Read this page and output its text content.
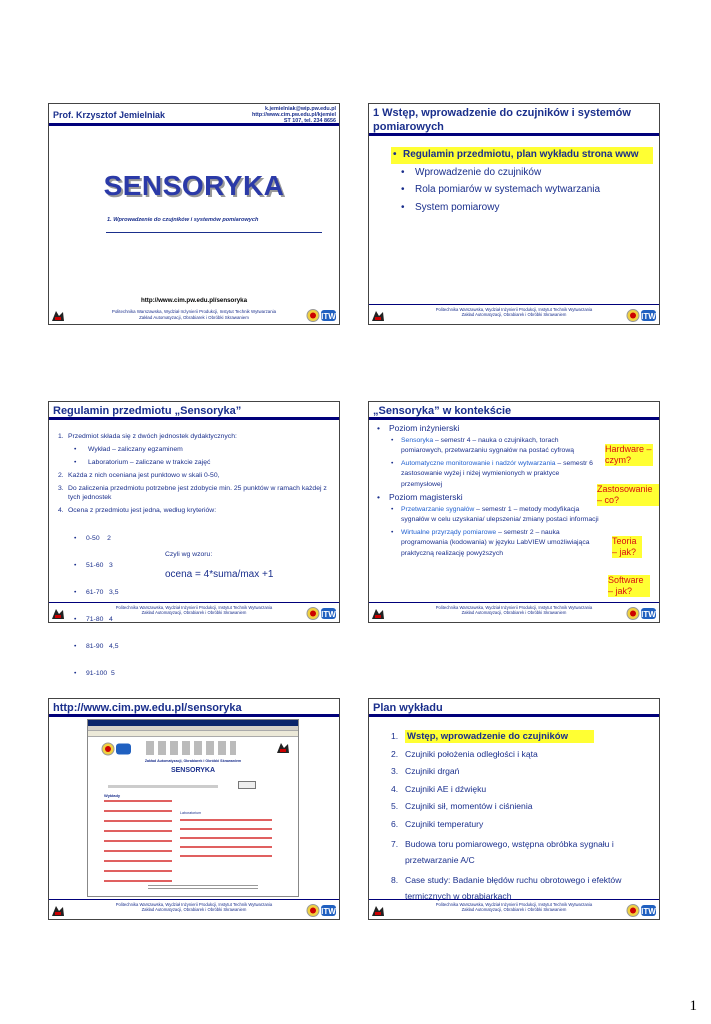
Prof. Krzysztof Jemielniak
k.jemielniak@wip.pw.edu.pl
http://www.cim.pw.edu.pl/kjemiel
ST 107, tel. 234 8656
SENSORYKA
1. Wprowadzenie do czujników i systemów pomiarowych
http://www.cim.pw.edu.pl/sensoryka
Politechnika Warszawska, Wydział Inżynierii Produkcji, Instytut Technik Wytwarzania
Zakład Automatyzacji, Obrabiarek i Obróbki Skrawaniem	ITW
1 Wstęp, wprowadzenie do czujników i systemów pomiarowych
• Regulamin przedmiotu, plan wykładu strona www
• Wprowadzenie do czujników
• Rola pomiarów w systemach wytwarzania
• System pomiarowy
Politechnika Warszawska, Wydział Inżynierii Produkcji, Instytut Technik Wytwarzania
Zakład Automatyzacji, Obrabiarek i Obróbki Skrawaniem	ITW
Regulamin przedmiotu „Sensoryka”
1. Przedmiot składa się z dwóch jednostek dydaktycznych:
• Wykład – zaliczany egzaminem
• Laboratorium – zaliczane w trakcie zajęć
2. Każda z nich oceniana jest punktowo w skali 0-50,
3. Do zaliczenia przedmiotu potrzebne jest zdobycie min. 25 punktów w ramach każdej z tych jednostek
4. Ocena z przedmiotu jest jedna, według kryteriów:

• 0-50    2

• 51-60   3

• 61-70   3,5

• 71-80   4

• 81-90   4,5

• 91-100  5

Czyli wg wzoru:
ocena = 4*suma/max +1
Politechnika Warszawska, Wydział Inżynierii Produkcji, Instytut Technik Wytwarzania
Zakład Automatyzacji, Obrabiarek i Obróbki Skrawaniem	ITW
„Sensoryka” w kontekście
• Poziom inżynierski
• Sensoryka – semestr 4 – nauka o czujnikach, torach pomiarowych, przetwarzaniu sygnałów na postać cyfrową
• Automatyczne monitorowanie i nadzór wytwarzania – semestr 6 zastosowanie wyżej i niżej wymienionych w praktyce przemysłowej
• Poziom magisterski
• Przetwarzanie sygnałów – semestr 1 – metody modyfikacja sygnałów w celu uzyskania/ ulepszenia/ zmiany postaci informacji
• Wirtualne przyrządy pomiarowe – semestr 2 – nauka programowania (kodowania) w języku LabVIEW umożliwiająca praktyczną realizację powyższych
Hardware – czym?
Zastosowanie – co?
Teoria – jak?
Software – jak?
Politechnika Warszawska, Wydział Inżynierii Produkcji, Instytut Technik Wytwarzania
Zakład Automatyzacji, Obrabiarek i Obróbki Skrawaniem	ITW
http://www.cim.pw.edu.pl/sensoryka
Zakład Automatyzacji, Obrabiarek i Obróbki Skrawaniem
SENSORYKA
Wykłady
Laboratorium
Politechnika Warszawska, Wydział Inżynierii Produkcji, Instytut Technik Wytwarzania
Zakład Automatyzacji, Obrabiarek i Obróbki Skrawaniem	ITW
Plan wykładu
1. Wstęp, wprowadzenie do czujników
2. Czujniki położenia odległości i kąta
3. Czujniki drgań
4. Czujniki AE i dźwięku
5. Czujniki sił, momentów i ciśnienia
6. Czujniki temperatury
7. Budowa toru pomiarowego, wstępna obróbka sygnału i przetwarzanie A/C
8. Case study: Badanie błędów ruchu obrotowego i efektów termicznych w obrabiarkach
Politechnika Warszawska, Wydział Inżynierii Produkcji, Instytut Technik Wytwarzania
Zakład Automatyzacji, Obrabiarek i Obróbki Skrawaniem	ITW
1
